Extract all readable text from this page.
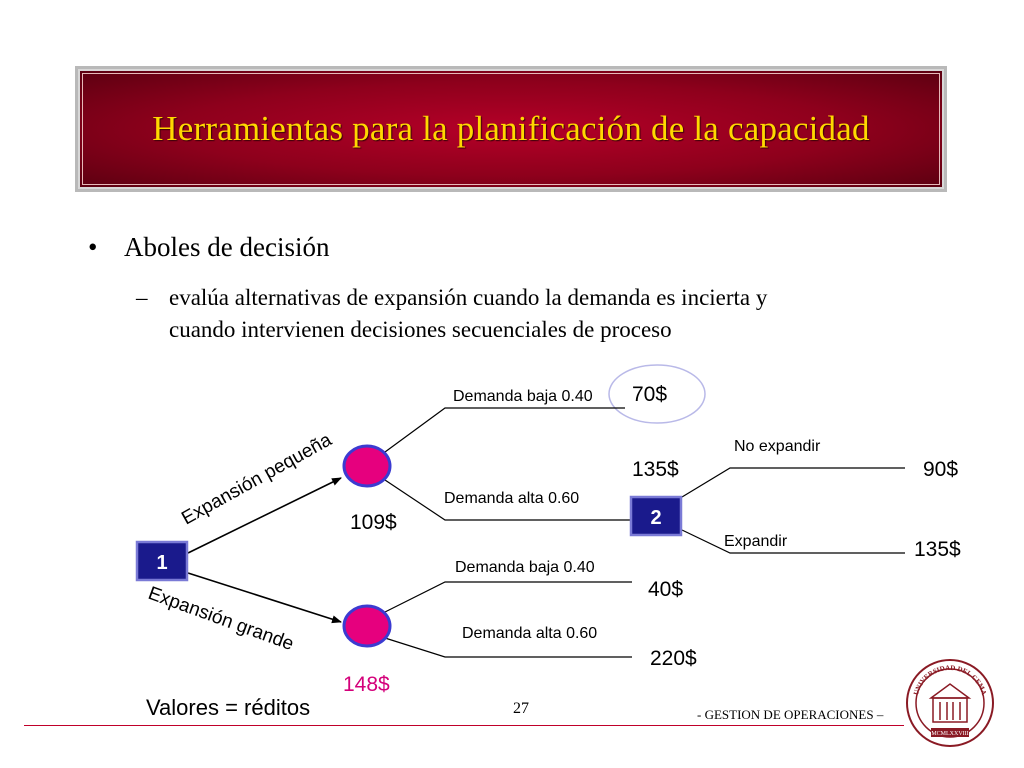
Herramientas para la planificación de la capacidad
• Aboles de decisión
– evalúa alternativas de expansión cuando la demanda es incierta y
cuando intervienen decisiones secuenciales de proceso
1
2
Expansión pequeña
Expansión grande
Demanda baja 0.40
Demanda alta 0.60
No expandir
Expandir
Demanda baja 0.40
Demanda alta 0.60
70$
135$	90$
135$
109$
40$
220$
148$
Valores = réditos	27	- GESTION DE OPERACIONES –
UNIVERSIDAD DEL CEMA
MCMLXXVIII
